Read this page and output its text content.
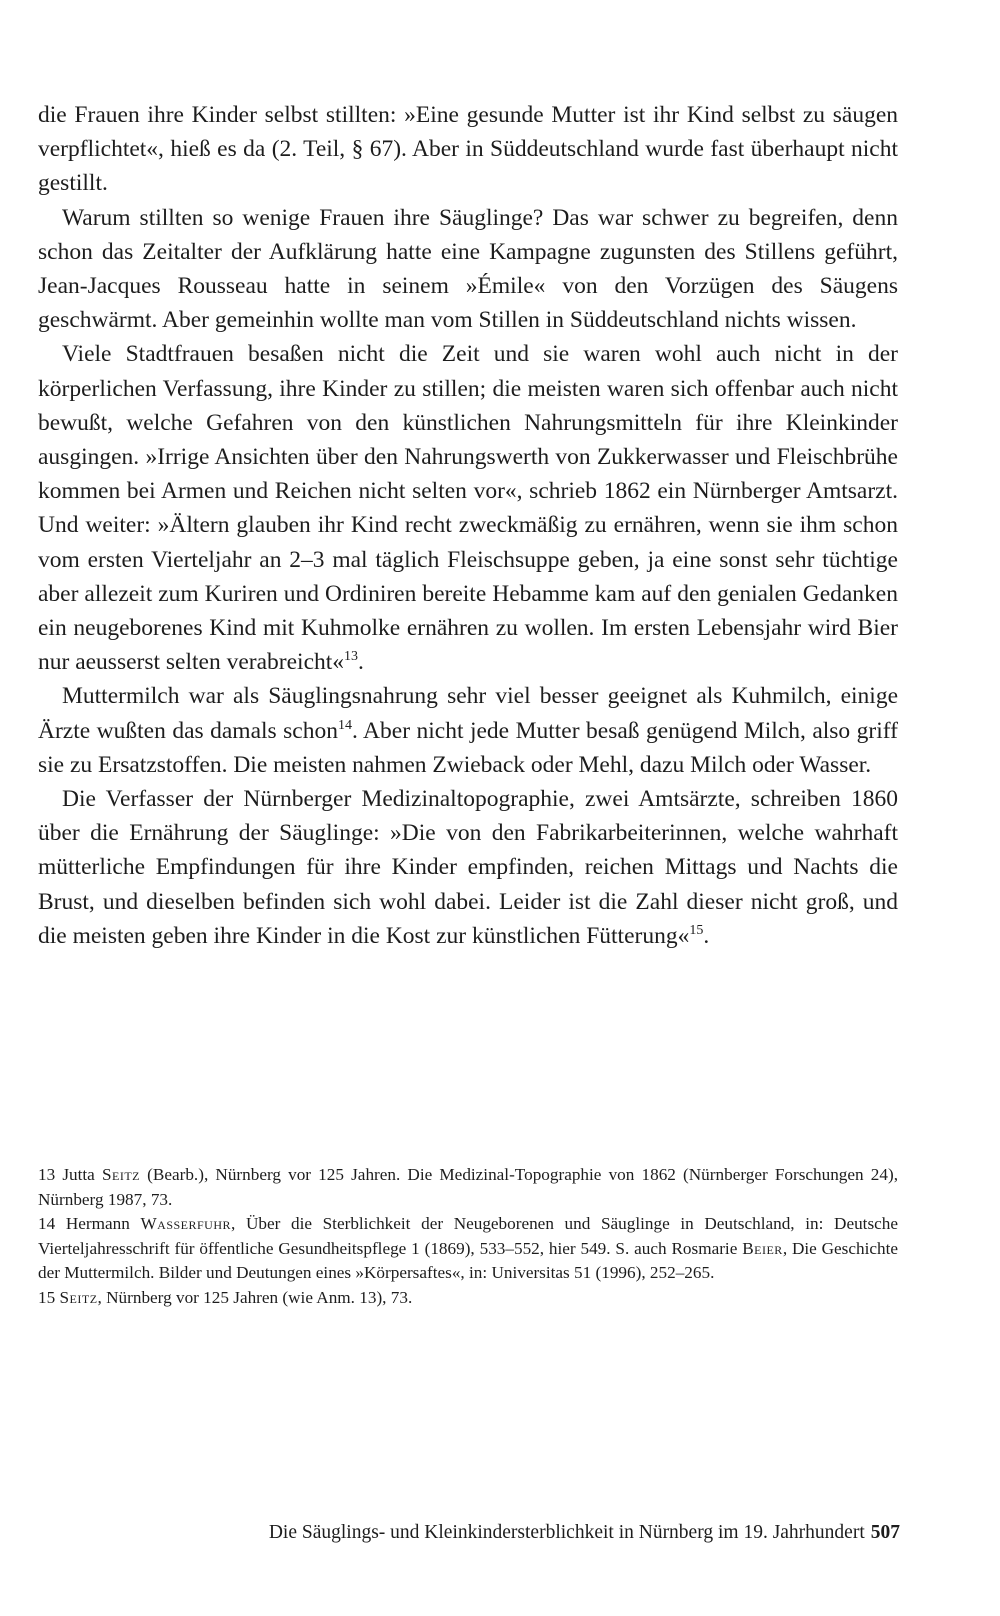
die Frauen ihre Kinder selbst stillten: »Eine gesunde Mutter ist ihr Kind selbst zu säugen verpflichtet«, hieß es da (2. Teil, § 67). Aber in Süddeutschland wurde fast überhaupt nicht gestillt.

Warum stillten so wenige Frauen ihre Säuglinge? Das war schwer zu begreifen, denn schon das Zeitalter der Aufklärung hatte eine Kampagne zugunsten des Stillens geführt, Jean-Jacques Rousseau hatte in seinem »Émile« von den Vorzügen des Säugens geschwärmt. Aber gemeinhin wollte man vom Stillen in Süddeutschland nichts wissen.

Viele Stadtfrauen besaßen nicht die Zeit und sie waren wohl auch nicht in der körperlichen Verfassung, ihre Kinder zu stillen; die meisten waren sich offenbar auch nicht bewußt, welche Gefahren von den künstlichen Nahrungsmitteln für ihre Kleinkinder ausgingen. »Irrige Ansichten über den Nahrungswerth von Zukkerwasser und Fleischbrühe kommen bei Armen und Reichen nicht selten vor«, schrieb 1862 ein Nürnberger Amtsarzt. Und weiter: »Ältern glauben ihr Kind recht zweckmäßig zu ernähren, wenn sie ihm schon vom ersten Vierteljahr an 2–3 mal täglich Fleischsuppe geben, ja eine sonst sehr tüchtige aber allezeit zum Kuriren und Ordiniren bereite Hebamme kam auf den genialen Gedanken ein neugeborenes Kind mit Kuhmolke ernähren zu wollen. Im ersten Lebensjahr wird Bier nur aeusserst selten verabreicht«$^{13}$.

Muttermilch war als Säuglingsnahrung sehr viel besser geeignet als Kuhmilch, einige Ärzte wußten das damals schon$^{14}$. Aber nicht jede Mutter besaß genügend Milch, also griff sie zu Ersatzstoffen. Die meisten nahmen Zwieback oder Mehl, dazu Milch oder Wasser.

Die Verfasser der Nürnberger Medizinaltopographie, zwei Amtsärzte, schreiben 1860 über die Ernährung der Säuglinge: »Die von den Fabrikarbeiterinnen, welche wahrhaft mütterliche Empfindungen für ihre Kinder empfinden, reichen Mittags und Nachts die Brust, und dieselben befinden sich wohl dabei. Leider ist die Zahl dieser nicht groß, und die meisten geben ihre Kinder in die Kost zur künstlichen Fütterung«$^{15}$.

13 Jutta Seitz (Bearb.), Nürnberg vor 125 Jahren. Die Medizinal-Topographie von 1862 (Nürnberger Forschungen 24), Nürnberg 1987, 73.

14 Hermann Wasserfuhr, Über die Sterblichkeit der Neugeborenen und Säuglinge in Deutschland, in: Deutsche Vierteljahresschrift für öffentliche Gesundheitspflege 1 (1869), 533–552, hier 549. S. auch Rosmarie Beier, Die Geschichte der Muttermilch. Bilder und Deutungen eines »Körpersaftes«, in: Universitas 51 (1996), 252–265.

15 Seitz, Nürnberg vor 125 Jahren (wie Anm. 13), 73.

Die Säuglings- und Kleinkindersterblichkeit in Nürnberg im 19. Jahrhundert 507
